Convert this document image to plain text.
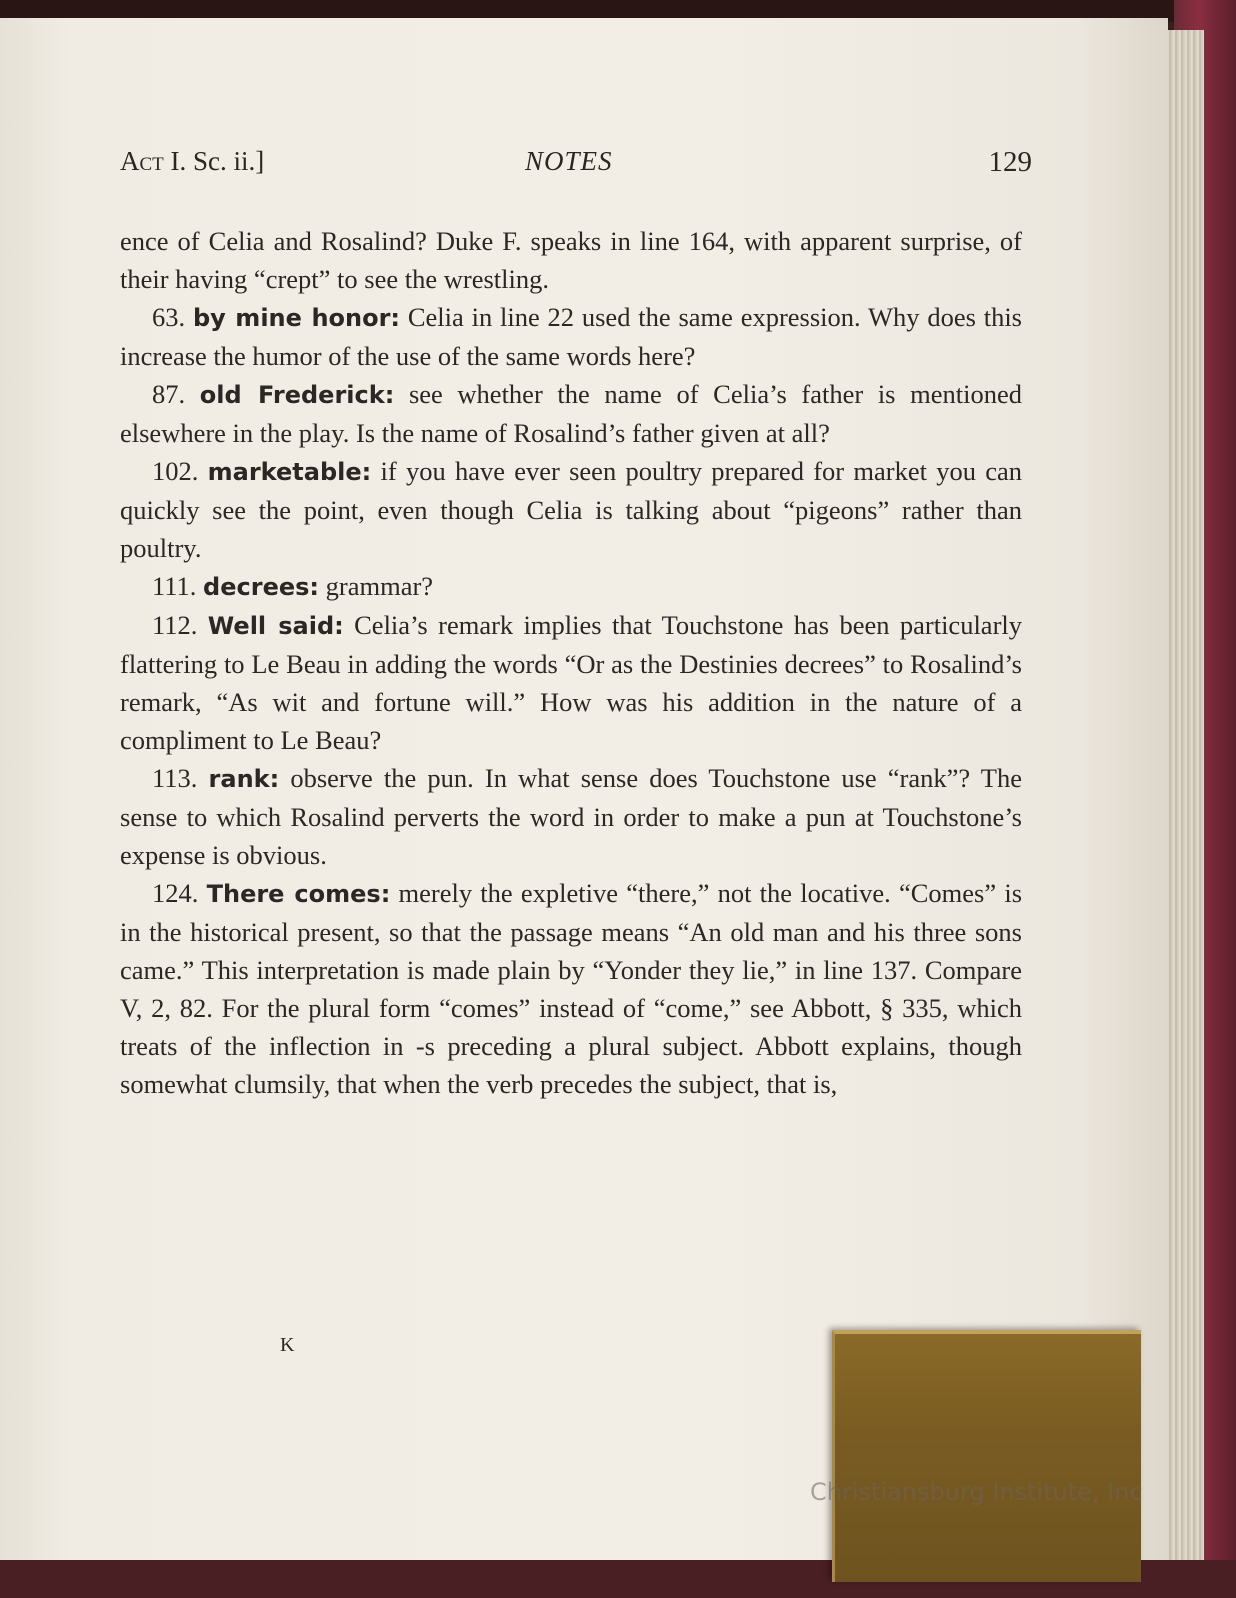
Act I. Sc. ii.]	NOTES	129

ence of Celia and Rosalind? Duke F. speaks in line 164, with apparent surprise, of their having “crept” to see the wrestling.

63. by mine honor: Celia in line 22 used the same expression. Why does this increase the humor of the use of the same words here?

87. old Frederick: see whether the name of Celia’s father is mentioned elsewhere in the play. Is the name of Rosalind’s father given at all?

102. marketable: if you have ever seen poultry prepared for market you can quickly see the point, even though Celia is talking about “pigeons” rather than poultry.

111. decrees: grammar?

112. Well said: Celia’s remark implies that Touchstone has been particularly flattering to Le Beau in adding the words “Or as the Destinies decrees” to Rosalind’s remark, “As wit and fortune will.” How was his addition in the nature of a compliment to Le Beau?

113. rank: observe the pun. In what sense does Touchstone use “rank”? The sense to which Rosalind perverts the word in order to make a pun at Touchstone’s expense is obvious.

124. There comes: merely the expletive “there,” not the locative. “Comes” is in the historical present, so that the passage means “An old man and his three sons came.” This interpretation is made plain by “Yonder they lie,” in line 137. Compare V, 2, 82. For the plural form “comes” instead of “come,” see Abbott, § 335, which treats of the inflection in -s preceding a plural subject. Abbott explains, though somewhat clumsily, that when the verb precedes the subject, that is,

K
Christiansburg Institute, Inc
